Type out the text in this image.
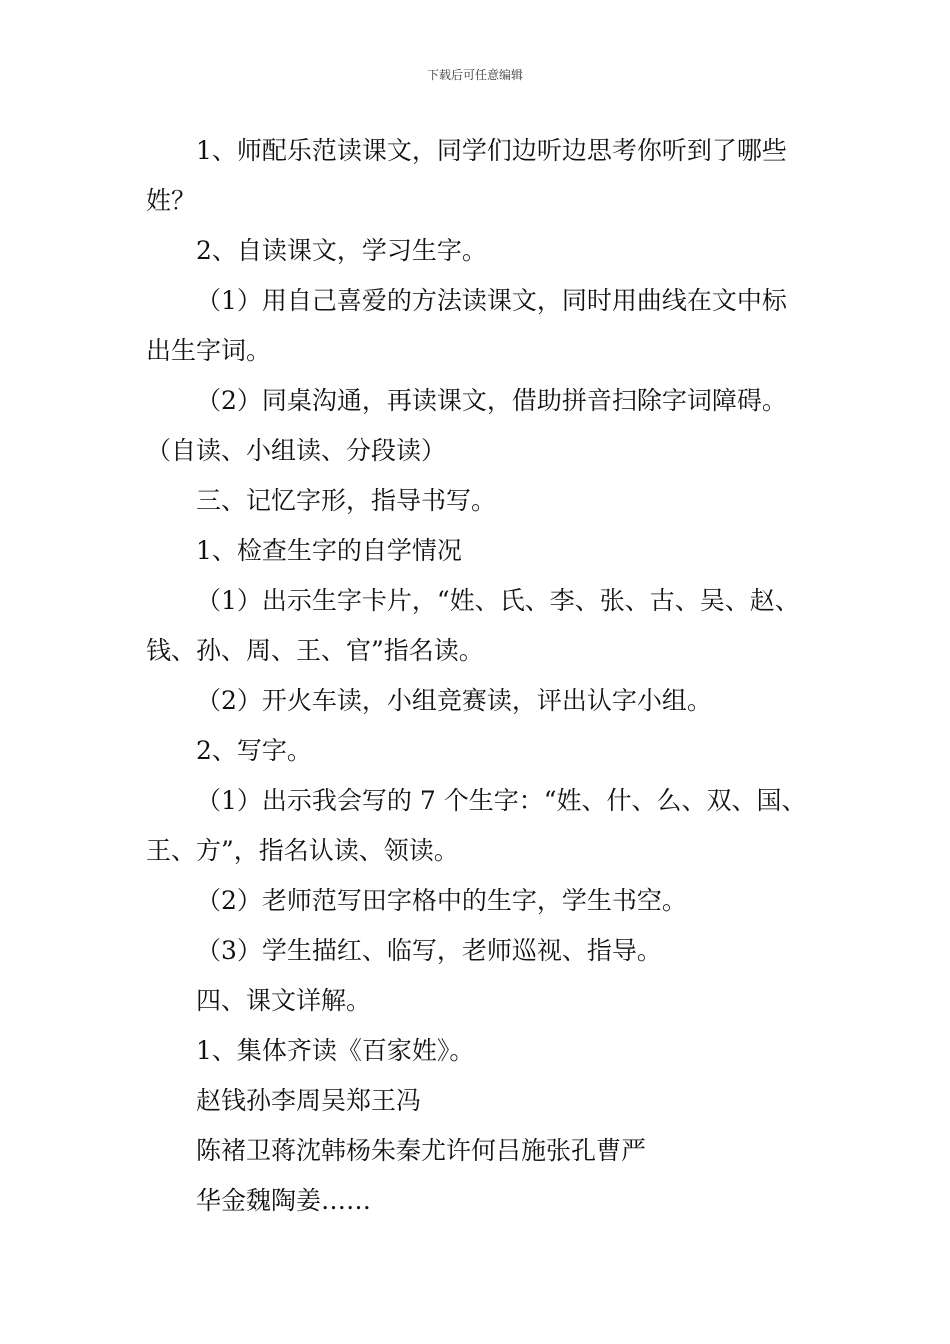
下载后可任意编辑
1、师配乐范读课文，同学们边听边思考你听到了哪些
姓？
2、自读课文，学习生字。
（1）用自己喜爱的方法读课文，同时用曲线在文中标
出生字词。
（2）同桌沟通，再读课文，借助拼音扫除字词障碍。
（自读、小组读、分段读）
三、记忆字形，指导书写。
1、检查生字的自学情况
（1）出示生字卡片，“姓、氏、李、张、古、吴、赵、
钱、孙、周、王、官”指名读。
（2）开火车读，小组竞赛读，评出认字小组。
2、写字。
（1）出示我会写的 7 个生字：“姓、什、么、双、国、
王、方”，指名认读、领读。
（2）老师范写田字格中的生字，学生书空。
（3）学生描红、临写，老师巡视、指导。
四、课文详解。
1、集体齐读《百家姓》。
赵钱孙李周吴郑王冯
陈褚卫蒋沈韩杨朱秦尤许何吕施张孔曹严
华金魏陶姜……
